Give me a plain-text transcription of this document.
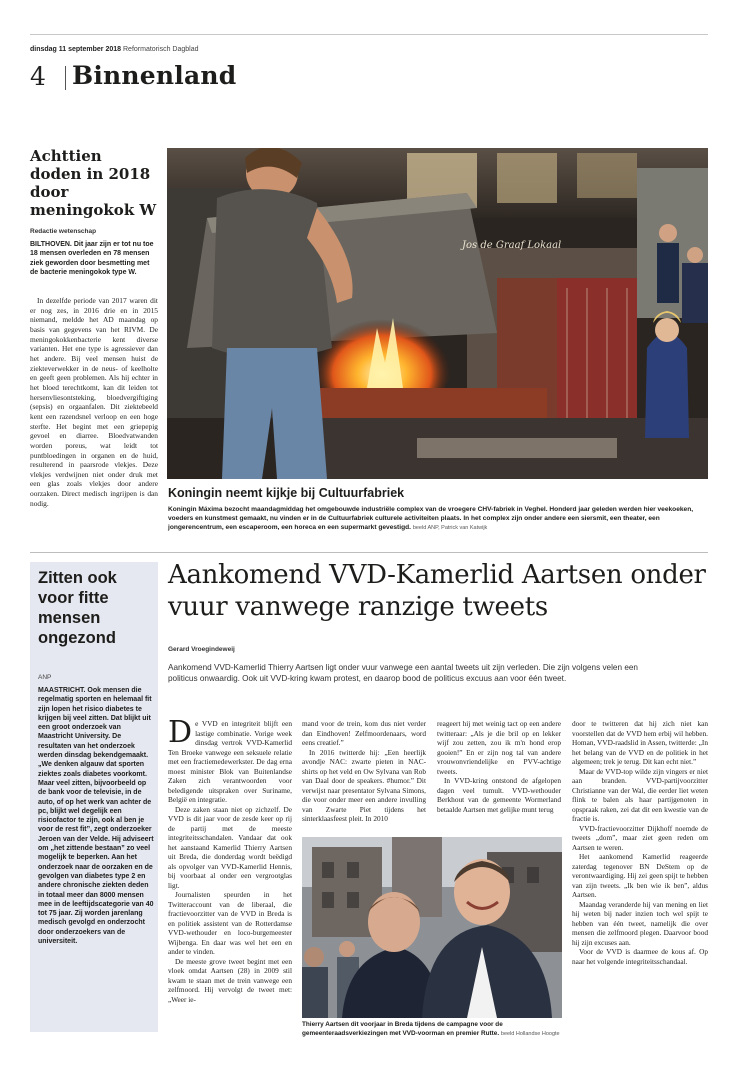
dinsdag 11 september 2018 Reformatorisch Dagblad
4 Binnenland
Achttien doden in 2018 door meningokok W
Redactie wetenschap
BILTHOVEN. Dit jaar zijn er tot nu toe 18 mensen overleden en 78 mensen ziek geworden door besmetting met de bacterie meningokok type W.
In dezelfde periode van 2017 waren dit er nog zes, in 2016 drie en in 2015 niemand, meldde het AD maandag op basis van gegevens van het RIVM. De meningokokkenbacterie kent diverse varianten. Het ene type is agressiever dan het andere. Bij veel mensen huist de ziekteverwekker in de neus- of keelholte en geeft geen problemen. Als hij echter in het bloed terechtkomt, kan dit leiden tot hersenvliesontsteking, bloedvergiftiging (sepsis) en orgaanfalen. Dit ziektebeeld kent een razendsnel verloop en een hoge sterfte. Het begint met een griepерig gevoel en diarree. Bloedvatwanden worden poreus, wat leidt tot puntbloedingen in organen en de huid, resulterend in paarsrode vlekjes. Deze vlekjes verdwijnen niet onder druk met een glas zoals vlekjes door andere oorzaken. Direct medisch ingrijpen is dan nodig.
Jos de Graaf Lokaal
Koningin neemt kijkje bij Cultuurfabriek
Koningin Máxima bezocht maandagmiddag het omgebouwde industriële complex van de vroegere CHV-fabriek in Veghel. Honderd jaar geleden werden hier veekoeken, voeders en kunstmest gemaakt, nu vinden er in de Cultuurfabriek culturele activiteiten plaats. In het complex zijn onder andere een siersmit, een theater, een jongerencentrum, een escaperoom, een horeca en een supermarkt gevestigd. beeld ANP, Patrick van Katwijk
Zitten ook voor fitte mensen ongezond
ANP
MAASTRICHT. Ook mensen die regelmatig sporten en helemaal fit zijn lopen het risico diabetes te krijgen bij veel zitten. Dat blijkt uit een groot onderzoek van Maastricht University. De resultaten van het onderzoek werden dinsdag bekendgemaakt. „We denken algauw dat sporten ziektes zoals diabetes voorkomt. Maar veel zitten, bijvoorbeeld op de bank voor de televisie, in de auto, of op het werk van achter de pc, blijkt wel degelijk een risicofactor te zijn, ook al ben je voor de rest fit”, zegt onderzoeker Jeroen van der Velde. Hij adviseert om „het zittende bestaan” zo veel mogelijk te beperken. Aan het onderzoek naar de oorzaken en de gevolgen van diabetes type 2 en andere chronische ziekten deden in totaal meer dan 8000 mensen mee in de leeftijdscategorie van 40 tot 75 jaar. Zij worden jarenlang medisch gevolgd en onderzocht door onderzoekers van de universiteit.
Aankomend VVD-Kamerlid Aartsen onder vuur vanwege ranzige tweets
Gerard Vroegindeweij
Aankomend VVD-Kamerlid Thierry Aartsen ligt onder vuur vanwege een aantal tweets uit zijn verleden. Die zijn volgens velen een politicus onwaardig. Ook uit VVD-kring kwam protest, en daarop bood de politicus excuus aan voor één tweet.
D e VVD en integriteit blijft een lastige combinatie. Vorige week dinsdag vertrok VVD-Kamerlid Ten Broeke vanwege een seksuele relatie met een fractiemedewerkster. De dag erna moest minister Blok van Buitenlandse Zaken zich verantwoorden voor beledigende uitspraken over Suriname, België en integratie.

Deze zaken staan niet op zichzelf. De VVD is dit jaar voor de zesde keer op rij de partij met de meeste integriteitsschandalen. Vandaar dat ook het aanstaand Kamerlid Thierry Aartsen uit Breda, die donderdag wordt beëdigd als opvolger van VVD-Kamerlid Hennis, bij voorbaat al onder een vergrootglas ligt.

Journalisten speurden in het Twitteraccount van de liberaal, die fractievoorzitter van de VVD in Breda is en politiek assistent van de Rotterdamse VVD-wethouder en loco-burgemeester Wijbenga. En daar was wel het een en ander te vinden.

De meeste grove tweet begint met een vloek omdat Aartsen (28) in 2009 stil kwam te staan met de trein vanwege een zelfmoord. Hij vervolgt de tweet met: „Weer ie-

mand voor de trein, kom dus niet verder dan Eindhoven! Zelfmoordenaars, word eens creatief.”

In 2016 twitterde hij: „Een heerlijk avondje NAC: zwarte pieten in NAC-shirts op het veld en Ow Sylvana van Rob van Daal door de speakers. #humor.” Dit verwijst naar presentator Sylvana Simons, die voor onder meer een andere invulling van Zwarte Piet tijdens het sinterklaasfeest pleit. In 2010

reageert hij met weinig tact op een andere twitteraar: „Als je die bril op en lekker wijf zou zetten, zou ik m'n hond erop gooien!” En er zijn nog tal van andere vrouwonvriendelijke en PVV-achtige tweets.

In VVD-kring ontstond de afgelopen dagen veel tumult. VVD-wethouder Berkhout van de gemeente Wormerland betaalde Aartsen met gelijke munt terug

door te twitteren dat hij zich niet kan voorstellen dat de VVD hem erbij wil hebben. Homan, VVD-raadslid in Assen, twitterde: „In het belang van de VVD en de politiek in het algemeen; trek je terug. Dit kan echt niet.”

Maar de VVD-top wilde zijn vingers er niet aan branden. VVD-partijvoorzitter Christianne van der Wal, die eerder liet weten flink te balen als haar partijgenoten in opspraak raken, zei dat dit een kwestie van de fractie is.

VVD-fractievoorzitter Dijkhoff noemde de tweets „dom”, maar ziet geen reden om Aartsen te weren.

Het aankomend Kamerlid reageerde zaterdag tegenover BN DeStem op de verontwaardiging. Hij zei geen spijt te hebben van zijn tweets. „Ik ben wie ik ben”, aldus Aartsen.

Maandag veranderde hij van mening en liet hij weten bij nader inzien toch wel spijt te hebben van één tweet, namelijk die over mensen die zelfmoord plegen. Daarvoor bood hij zijn excuses aan.

Voor de VVD is daarmee de kous af. Op naar het volgende integriteitsschandaal.

Thierry Aartsen dit voorjaar in Breda tijdens de campagne voor de gemeenteraadsverkiezingen met VVD-voorman en premier Rutte. beeld Hollandse Hoogte
